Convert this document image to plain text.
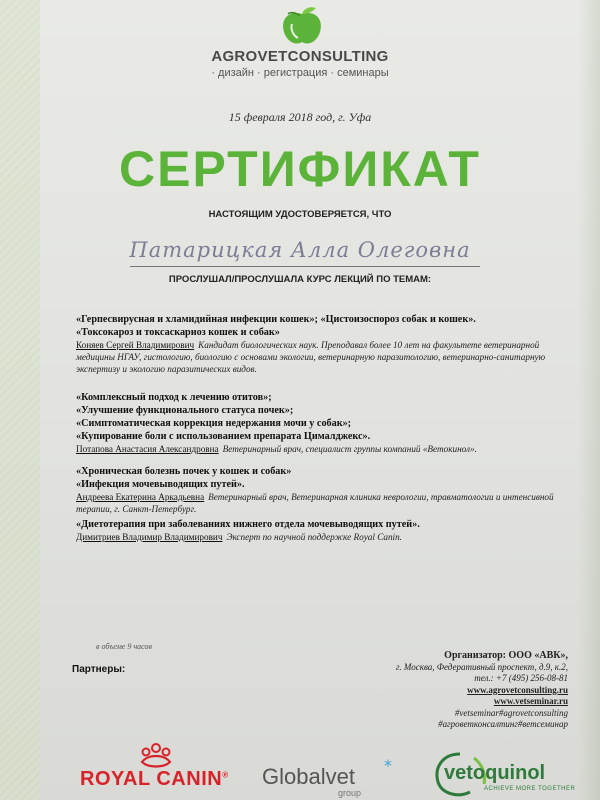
AGROVETCONSULTING
· дизайн · регистрация · семинары
15 февраля 2018 год, г. Уфа
СЕРТИФИКАТ
НАСТОЯЩИМ УДОСТОВЕРЯЕТСЯ, ЧТО
Патарицкая Алла Олеговна
ПРОСЛУШАЛ/ПРОСЛУШАЛА КУРС ЛЕКЦИЙ ПО ТЕМАМ:
«Герпесвирусная и хламидийная инфекции кошек»; «Цистоизоспороз собак и кошек».
«Токсокароз и токсаскариоз кошек и собак»
Коняев Сергей Владимирович Кандидат биологических наук. Преподавал более 10 лет на факультете ветеринарной медицины НГАУ, гистологию, биологию с основами экологии, ветеринарную паразитологию, ветеринарно-санитарную экспертизу и экологию паразитических видов.
«Комплексный подход к лечению отитов»;
«Улучшение функционального статуса почек»;
«Симптоматическая коррекция недержания мочи у собак»;
«Купирование боли с использованием препарата Цималджекс».
Потапова Анастасия Александровна Ветеринарный врач, специалист группы компаний «Ветокинол».
«Хроническая болезнь почек у кошек и собак»
«Инфекция мочевыводящих путей».
Андреева Екатерина Аркадьевна Ветеринарный врач, Ветеринарная клиника неврологии, травматологии и интенсивной терапии, г. Санкт-Петербург.
«Диетотерапия при заболеваниях нижнего отдела мочевыводящих путей».
Димитриев Владимир Владимирович Эксперт по научной поддержке Royal Canin.
в объеме 9 часов
Партнеры:
Организатор: ООО «АВК»,
г. Москва, Федеративный проспект, д.9, к.2,
тел.: +7 (495) 256-08-81
www.agrovetconsulting.ru
www.vetseminar.ru
#vetseminar#agrovetconsulting
#агроветконсалтинг#ветсеминар
ROYAL CANIN® Globalvet *
group
vetoquinol
ACHIEVE MORE TOGETHER
